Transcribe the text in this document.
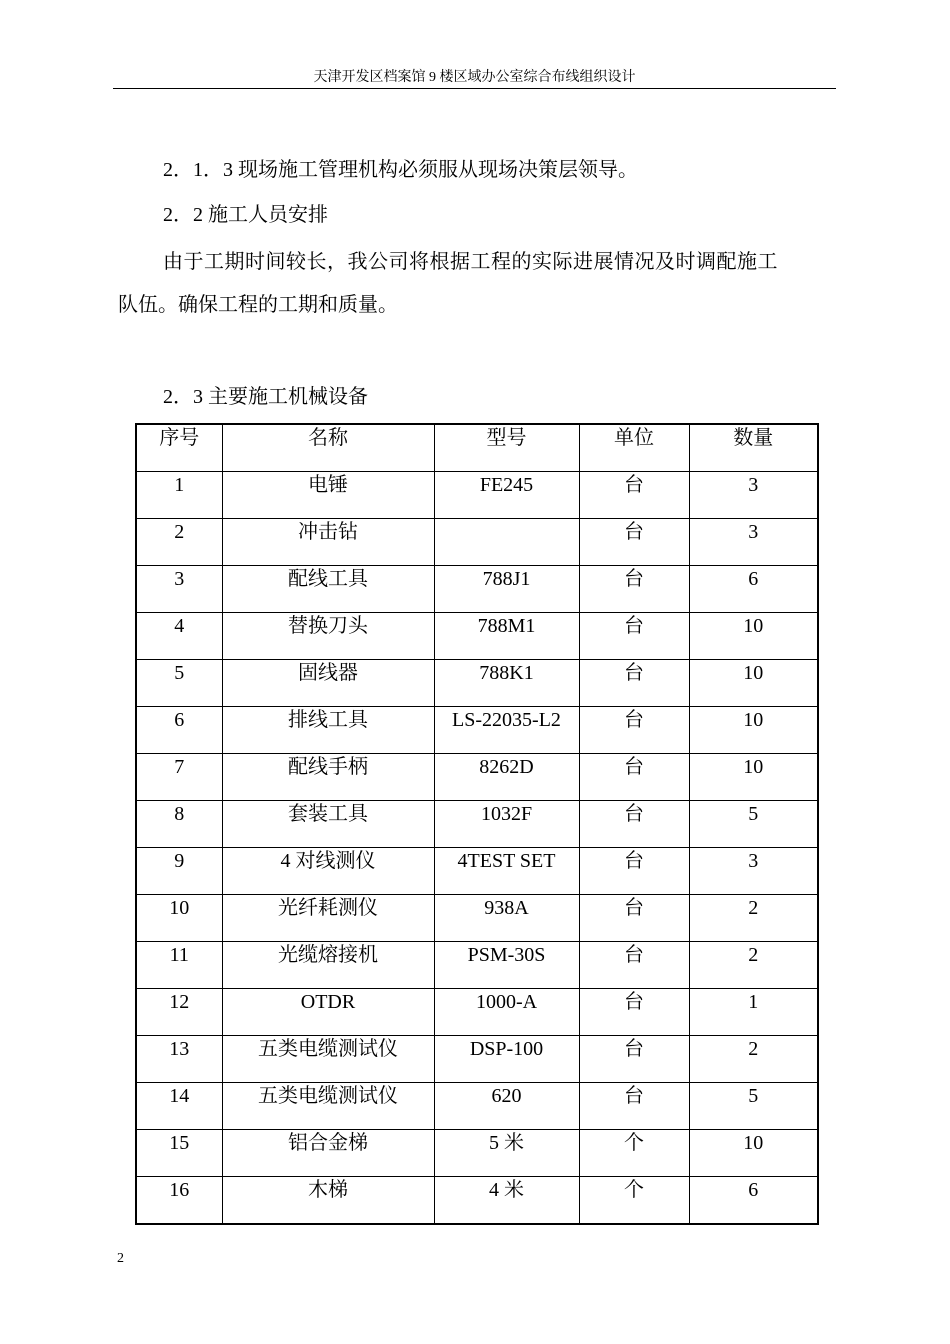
天津开发区档案馆 9 楼区域办公室综合布线组织设计
2．1．3 现场施工管理机构必须服从现场决策层领导。
2．2 施工人员安排
由于工期时间较长，我公司将根据工程的实际进展情况及时调配施工
队伍。确保工程的工期和质量。
2．3 主要施工机械设备
序号	名称	型号	单位	数量
1	电锤	FE245	台	3
2	冲击钻		台	3
3	配线工具	788J1	台	6
4	替换刀头	788M1	台	10
5	固线器	788K1	台	10
6	排线工具	LS-22035-L2	台	10
7	配线手柄	8262D	台	10
8	套装工具	1032F	台	5
9	4 对线测仪	4TEST SET	台	3
10	光纤耗测仪	938A	台	2
11	光缆熔接机	PSM-30S	台	2
12	OTDR	1000-A	台	1
13	五类电缆测试仪	DSP-100	台	2
14	五类电缆测试仪	620	台	5
15	铝合金梯	5 米	个	10
16	木梯	4 米	个	6
2
